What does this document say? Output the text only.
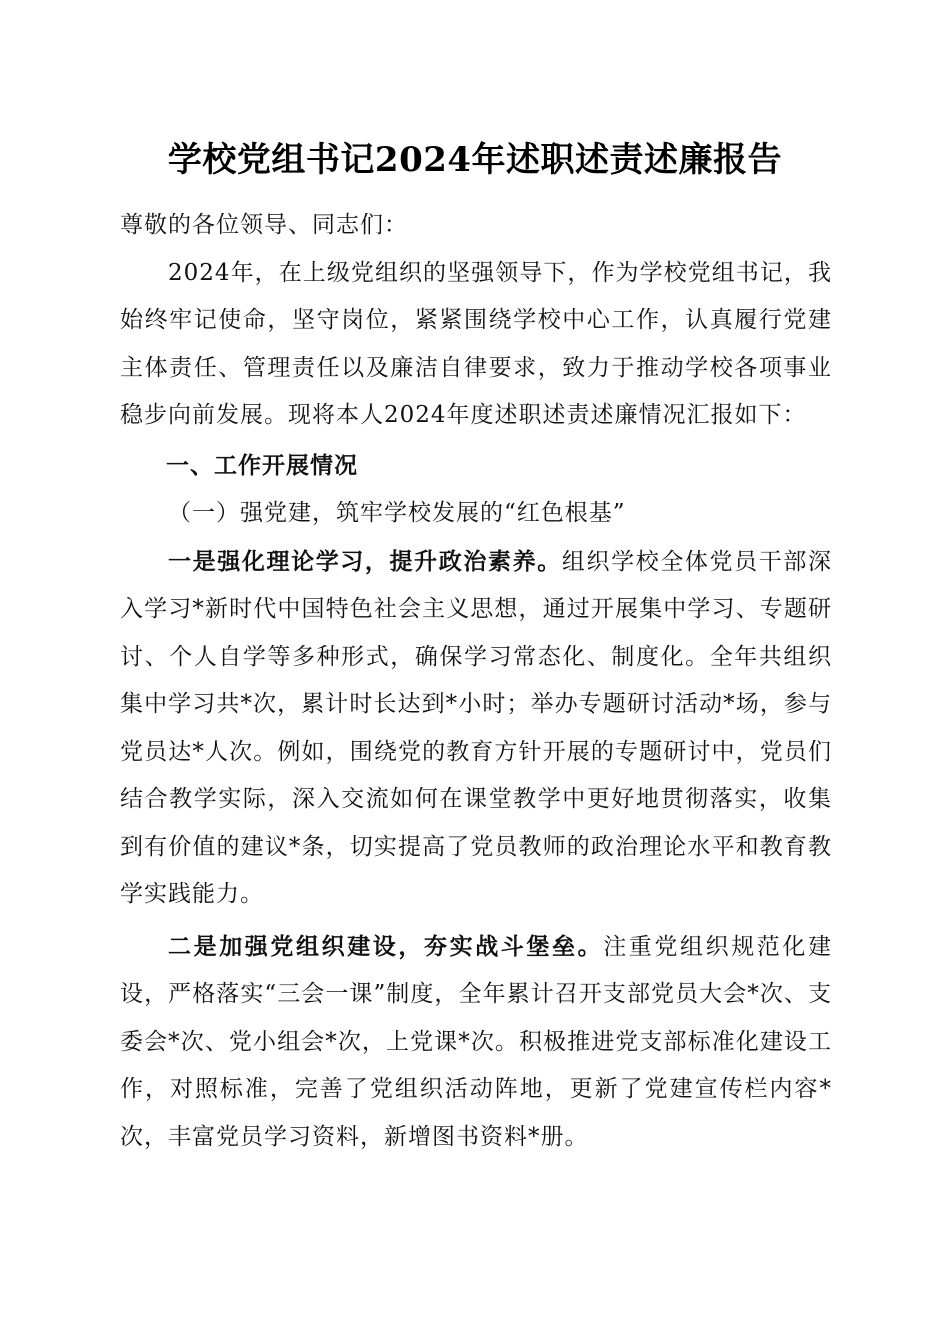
学校党组书记2024年述职述责述廉报告

尊敬的各位领导、同志们：

2024年，在上级党组织的坚强领导下，作为学校党组书记，我始终牢记使命，坚守岗位，紧紧围绕学校中心工作，认真履行党建主体责任、管理责任以及廉洁自律要求，致力于推动学校各项事业稳步向前发展。现将本人2024年度述职述责述廉情况汇报如下：

一、工作开展情况

（一）强党建，筑牢学校发展的“红色根基”

一是强化理论学习，提升政治素养。组织学校全体党员干部深入学习*新时代中国特色社会主义思想，通过开展集中学习、专题研讨、个人自学等多种形式，确保学习常态化、制度化。全年共组织集中学习共*次，累计时长达到*小时；举办专题研讨活动*场，参与党员达*人次。例如，围绕党的教育方针开展的专题研讨中，党员们结合教学实际，深入交流如何在课堂教学中更好地贯彻落实，收集到有价值的建议*条，切实提高了党员教师的政治理论水平和教育教学实践能力。

二是加强党组织建设，夯实战斗堡垒。注重党组织规范化建设，严格落实“三会一课”制度，全年累计召开支部党员大会*次、支委会*次、党小组会*次，上党课*次。积极推进党支部标准化建设工作，对照标准，完善了党组织活动阵地，更新了党建宣传栏内容*次，丰富党员学习资料，新增图书资料*册。
